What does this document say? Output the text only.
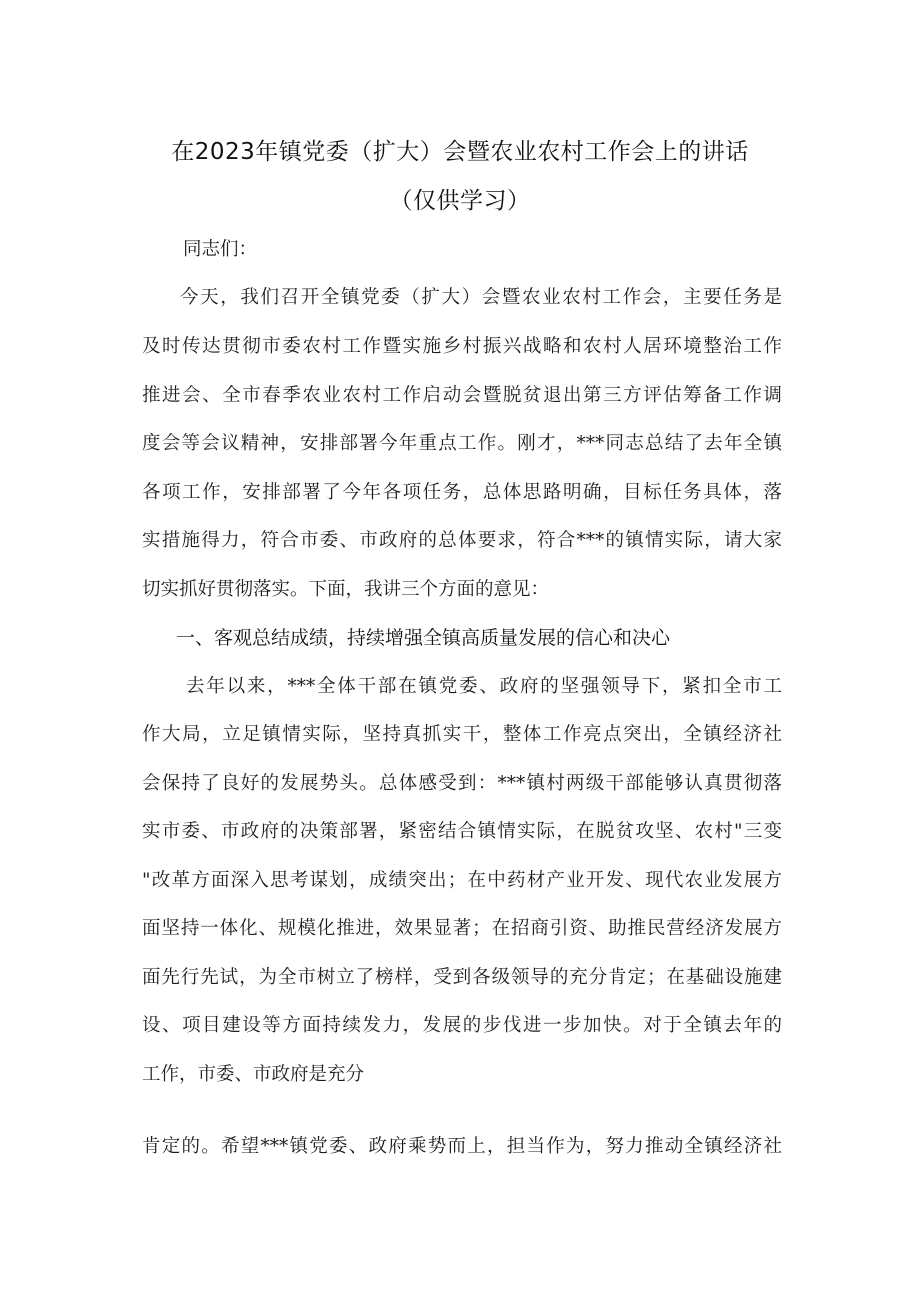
在2023年镇党委（扩大）会暨农业农村工作会上的讲话
（仅供学习）
同志们：
今天，我们召开全镇党委（扩大）会暨农业农村工作会，主要任务是
及时传达贯彻市委农村工作暨实施乡村振兴战略和农村人居环境整治工作
推进会、全市春季农业农村工作启动会暨脱贫退出第三方评估筹备工作调
度会等会议精神，安排部署今年重点工作。刚才，***同志总结了去年全镇
各项工作，安排部署了今年各项任务，总体思路明确，目标任务具体，落
实措施得力，符合市委、市政府的总体要求，符合***的镇情实际，请大家
切实抓好贯彻落实。下面，我讲三个方面的意见：
一、客观总结成绩，持续增强全镇高质量发展的信心和决心
去年以来，***全体干部在镇党委、政府的坚强领导下，紧扣全市工
作大局，立足镇情实际，坚持真抓实干，整体工作亮点突出，全镇经济社
会保持了良好的发展势头。总体感受到：***镇村两级干部能够认真贯彻落
实市委、市政府的决策部署，紧密结合镇情实际，在脱贫攻坚、农村"三变
"改革方面深入思考谋划，成绩突出；在中药材产业开发、现代农业发展方
面坚持一体化、规模化推进，效果显著；在招商引资、助推民营经济发展方
面先行先试，为全市树立了榜样，受到各级领导的充分肯定；在基础设施建
设、项目建设等方面持续发力，发展的步伐进一步加快。对于全镇去年的
工作，市委、市政府是充分
肯定的。希望***镇党委、政府乘势而上，担当作为，努力推动全镇经济社
